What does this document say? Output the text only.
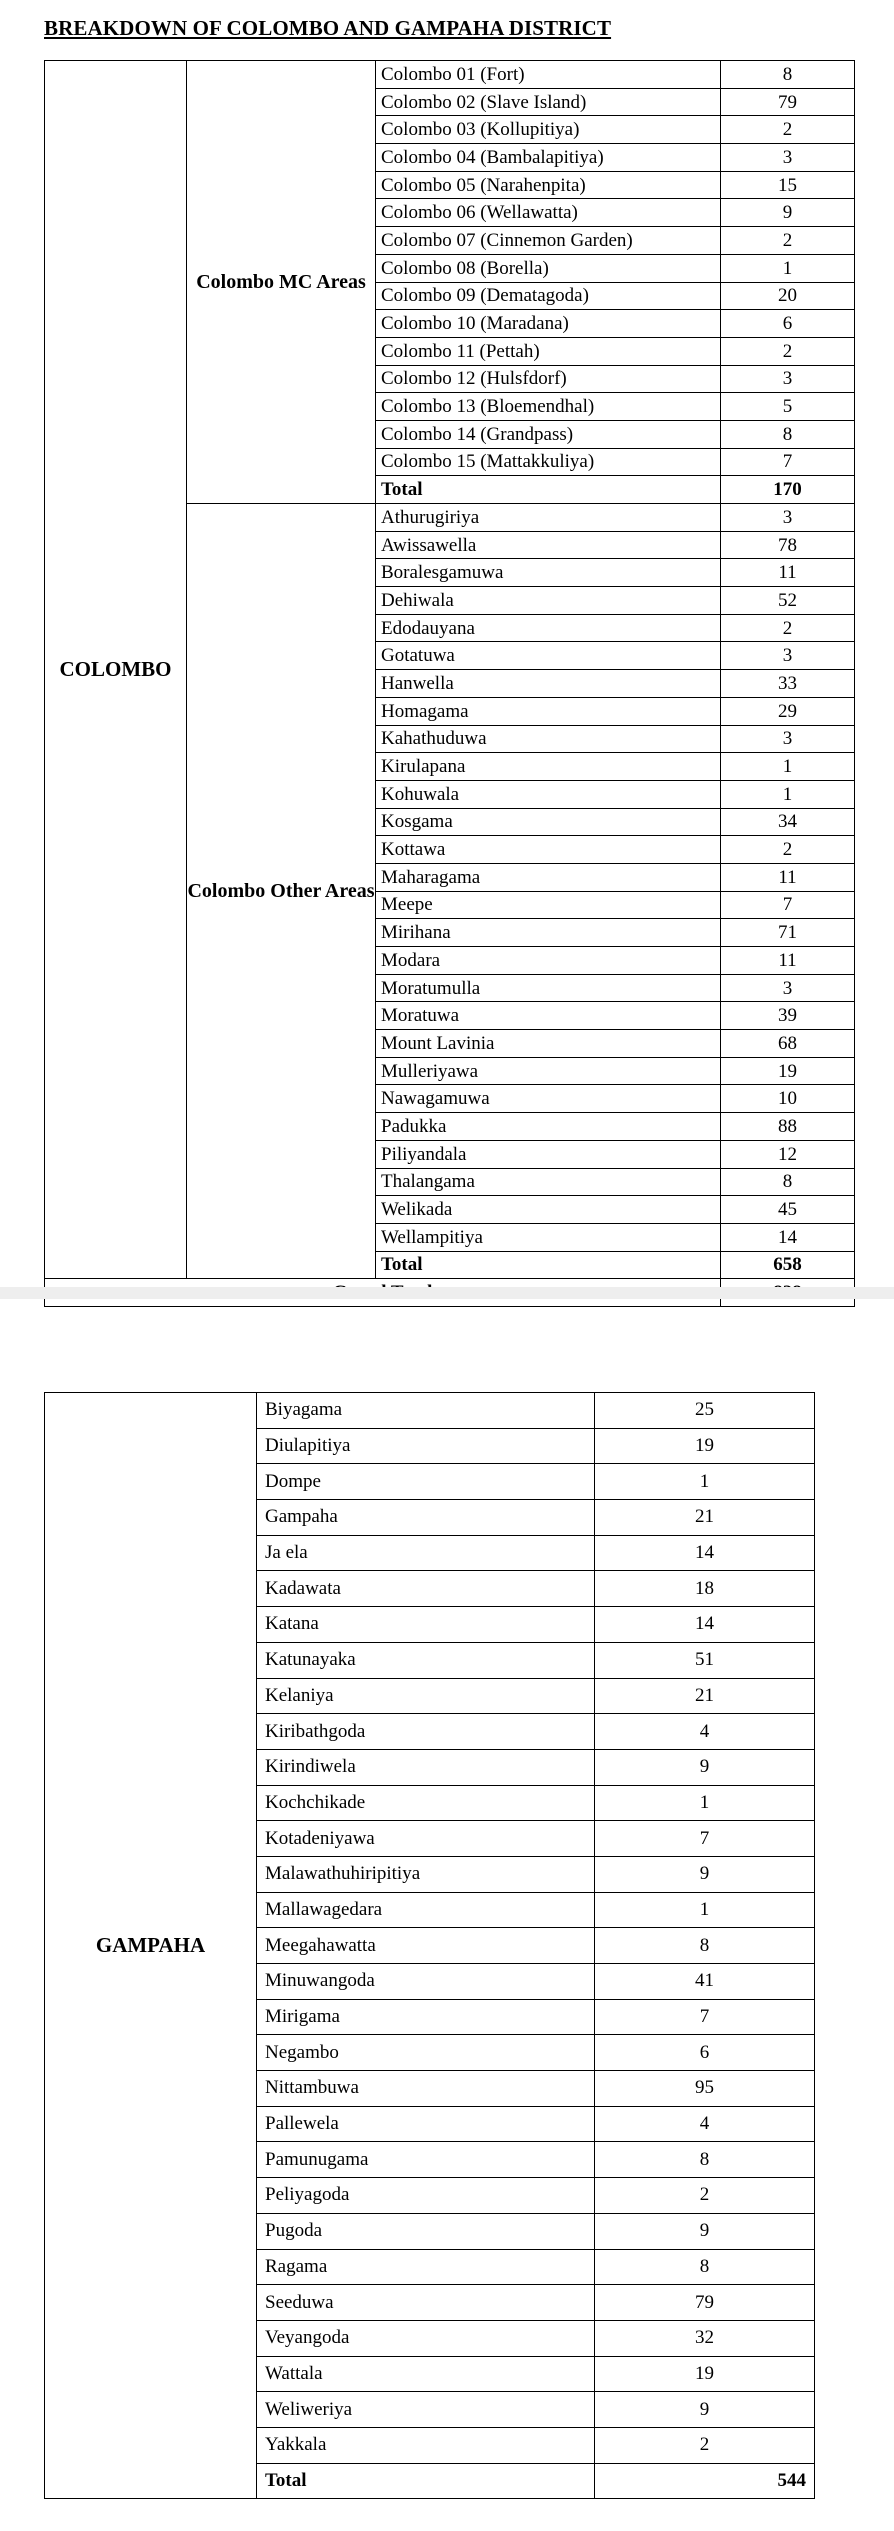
BREAKDOWN OF COLOMBO AND GAMPAHA DISTRICT
COLOMBO	Colombo MC Areas	Colombo 01 (Fort)	8
		Colombo 02 (Slave Island)	79
		Colombo 03 (Kollupitiya)	2
		Colombo 04 (Bambalapitiya)	3
		Colombo 05 (Narahenpita)	15
		Colombo 06 (Wellawatta)	9
		Colombo 07 (Cinnemon Garden)	2
		Colombo 08 (Borella)	1
		Colombo 09 (Dematagoda)	20
		Colombo 10 (Maradana)	6
		Colombo 11 (Pettah)	2
		Colombo 12 (Hulsfdorf)	3
		Colombo 13 (Bloemendhal)	5
		Colombo 14 (Grandpass)	8
		Colombo 15 (Mattakkuliya)	7
		Total	170
	Colombo Other Areas	Athurugiriya	3
		Awissawella	78
		Boralesgamuwa	11
		Dehiwala	52
		Edodauyana	2
		Gotatuwa	3
		Hanwella	33
		Homagama	29
		Kahathuduwa	3
		Kirulapana	1
		Kohuwala	1
		Kosgama	34
		Kottawa	2
		Maharagama	11
		Meepe	7
		Mirihana	71
		Modara	11
		Moratumulla	3
		Moratuwa	39
		Mount Lavinia	68
		Mulleriyawa	19
		Nawagamuwa	10
		Padukka	88
		Piliyandala	12
		Thalangama	8
		Welikada	45
		Wellampitiya	14
		Total	658

GAMPAHA	Biyagama	25
	Diulapitiya	19
	Dompe	1
	Gampaha	21
	Ja ela	14
	Kadawata	18
	Katana	14
	Katunayaka	51
	Kelaniya	21
	Kiribathgoda	4
	Kirindiwela	9
	Kochchikade	1
	Kotadeniyawa	7
	Malawathuhiripitiya	9
	Mallawagedara	1
	Meegahawatta	8
	Minuwangoda	41
	Mirigama	7
	Negambo	6
	Nittambuwa	95
	Pallewela	4
	Pamunugama	8
	Peliyagoda	2
	Pugoda	9
	Ragama	8
	Seeduwa	79
	Veyangoda	32
	Wattala	19
	Weliweriya	9
	Yakkala	2
	Total	544
